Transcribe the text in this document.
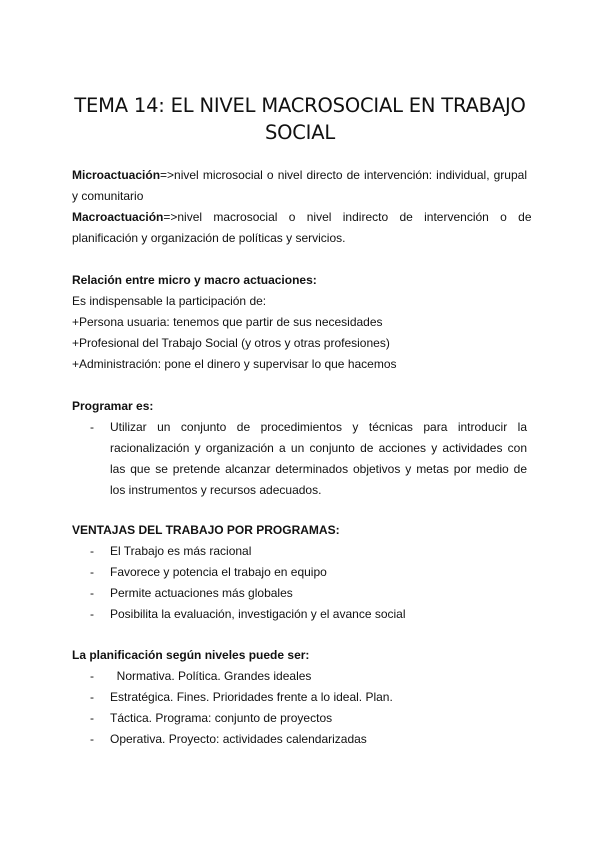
TEMA 14: EL NIVEL MACROSOCIAL EN TRABAJO SOCIAL
Microactuación=>nivel microsocial o nivel directo de intervención: individual, grupal
y comunitario
Macroactuación=>nivel macrosocial o nivel indirecto de intervención o de
planificación y organización de políticas y servicios.
Relación entre micro y macro actuaciones:
Es indispensable la participación de:
+Persona usuaria: tenemos que partir de sus necesidades
+Profesional del Trabajo Social (y otros y otras profesiones)
+Administración: pone el dinero y supervisar lo que hacemos
Programar es:
- Utilizar un conjunto de procedimientos y técnicas para introducir la
racionalización y organización a un conjunto de acciones y actividades con
las que se pretende alcanzar determinados objetivos y metas por medio de
los instrumentos y recursos adecuados.
VENTAJAS DEL TRABAJO POR PROGRAMAS:
- El Trabajo es más racional
- Favorece y potencia el trabajo en equipo
- Permite actuaciones más globales
- Posibilita la evaluación, investigación y el avance social
La planificación según niveles puede ser:
- Normativa. Política. Grandes ideales
- Estratégica. Fines. Prioridades frente a lo ideal. Plan.
- Táctica. Programa: conjunto de proyectos
- Operativa. Proyecto: actividades calendarizadas
